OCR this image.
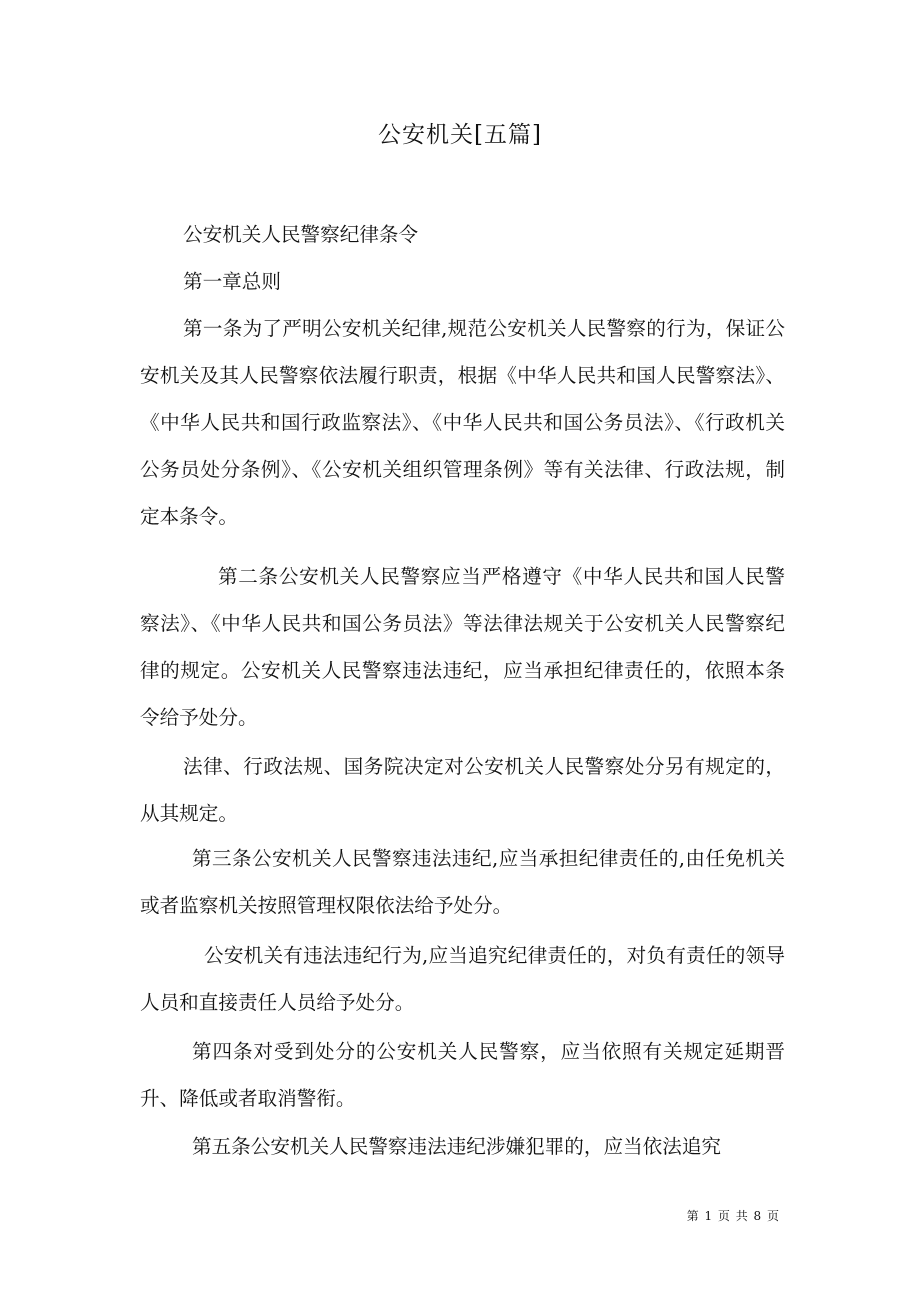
公安机关[五篇]

公安机关人民警察纪律条令

第一章总则

第一条为了严明公安机关纪律,规范公安机关人民警察的行为，保证公安机关及其人民警察依法履行职责，根据《中华人民共和国人民警察法》、《中华人民共和国行政监察法》、《中华人民共和国公务员法》、《行政机关公务员处分条例》、《公安机关组织管理条例》等有关法律、行政法规，制定本条令。

第二条公安机关人民警察应当严格遵守《中华人民共和国人民警察法》、《中华人民共和国公务员法》等法律法规关于公安机关人民警察纪律的规定。公安机关人民警察违法违纪，应当承担纪律责任的，依照本条令给予处分。

法律、行政法规、国务院决定对公安机关人民警察处分另有规定的，从其规定。

第三条公安机关人民警察违法违纪,应当承担纪律责任的,由任免机关或者监察机关按照管理权限依法给予处分。

公安机关有违法违纪行为,应当追究纪律责任的，对负有责任的领导人员和直接责任人员给予处分。

第四条对受到处分的公安机关人民警察，应当依照有关规定延期晋升、降低或者取消警衔。

第五条公安机关人民警察违法违纪涉嫌犯罪的，应当依法追究

第 1 页 共 8 页
